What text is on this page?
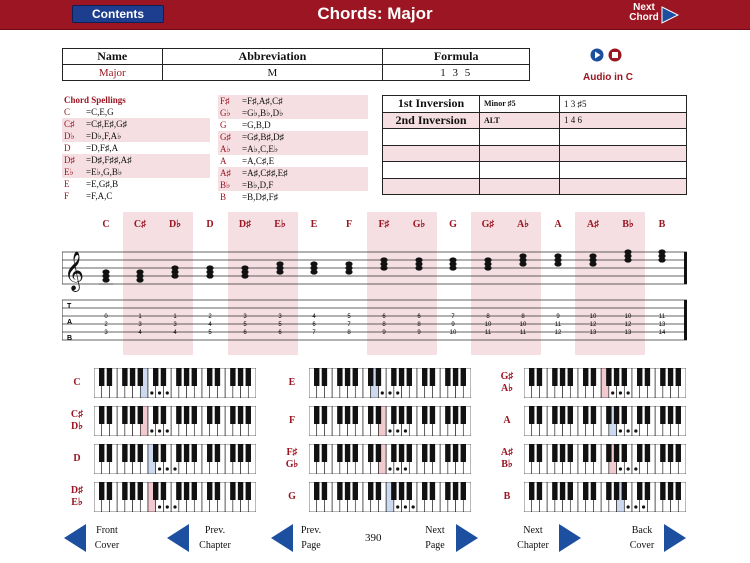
Chords: Major
Contents	Next
Chord
Name	Abbreviation	Formula
Major	M	1 3 5	Audio in C
Chord Spellings
C	= C,E,G
C♯	= C♯,E♯,G♯
D♭	= D♭,F,A♭
D	= D,F♯,A
D♯	= D♯,F♯♯,A♯
E♭	= E♭,G,B♭
E	= E,G♯,B
F	= F,A,C
F♯	= F♯,A♯,C♯
G♭	= G♭,B♭,D♭
G	= G,B,D
G♯	= G♯,B♯,D♯
A♭	= A♭,C,E♭
A	= A,C♯,E
A♯	= A♯,C♯♯,E♯
B♭	= B♭,D,F
B	= B,D♯,F♯
1st Inversion	Minor ♯5	1 3 ♯5
2nd Inversion	ALT	1 4 6

C	C♯	D♭	D	D♯	E♭	E	F	F♯	G♭	G	G♯	A♭	A	A♯	B♭	B
𝄞
T
A
B
0
2
3
1
3
4
1
3
4
2
4
5
3
5
6
3
5
6
4
6
7
5
7
8
6
8
9
6
8
9
7
9
10
8
10
11
8
10
11
9
11
12
10
12
13
10
12
13
11
13
14
C
C♯
D♭
D
D♯
E♭
E
F
F♯
G♭
G
G♯
A♭
A
A♯
B♭
B
Front
Cover
Prev.
Chapter
Prev.
Page
390
Next
Page
Next
Chapter
Back
Cover
